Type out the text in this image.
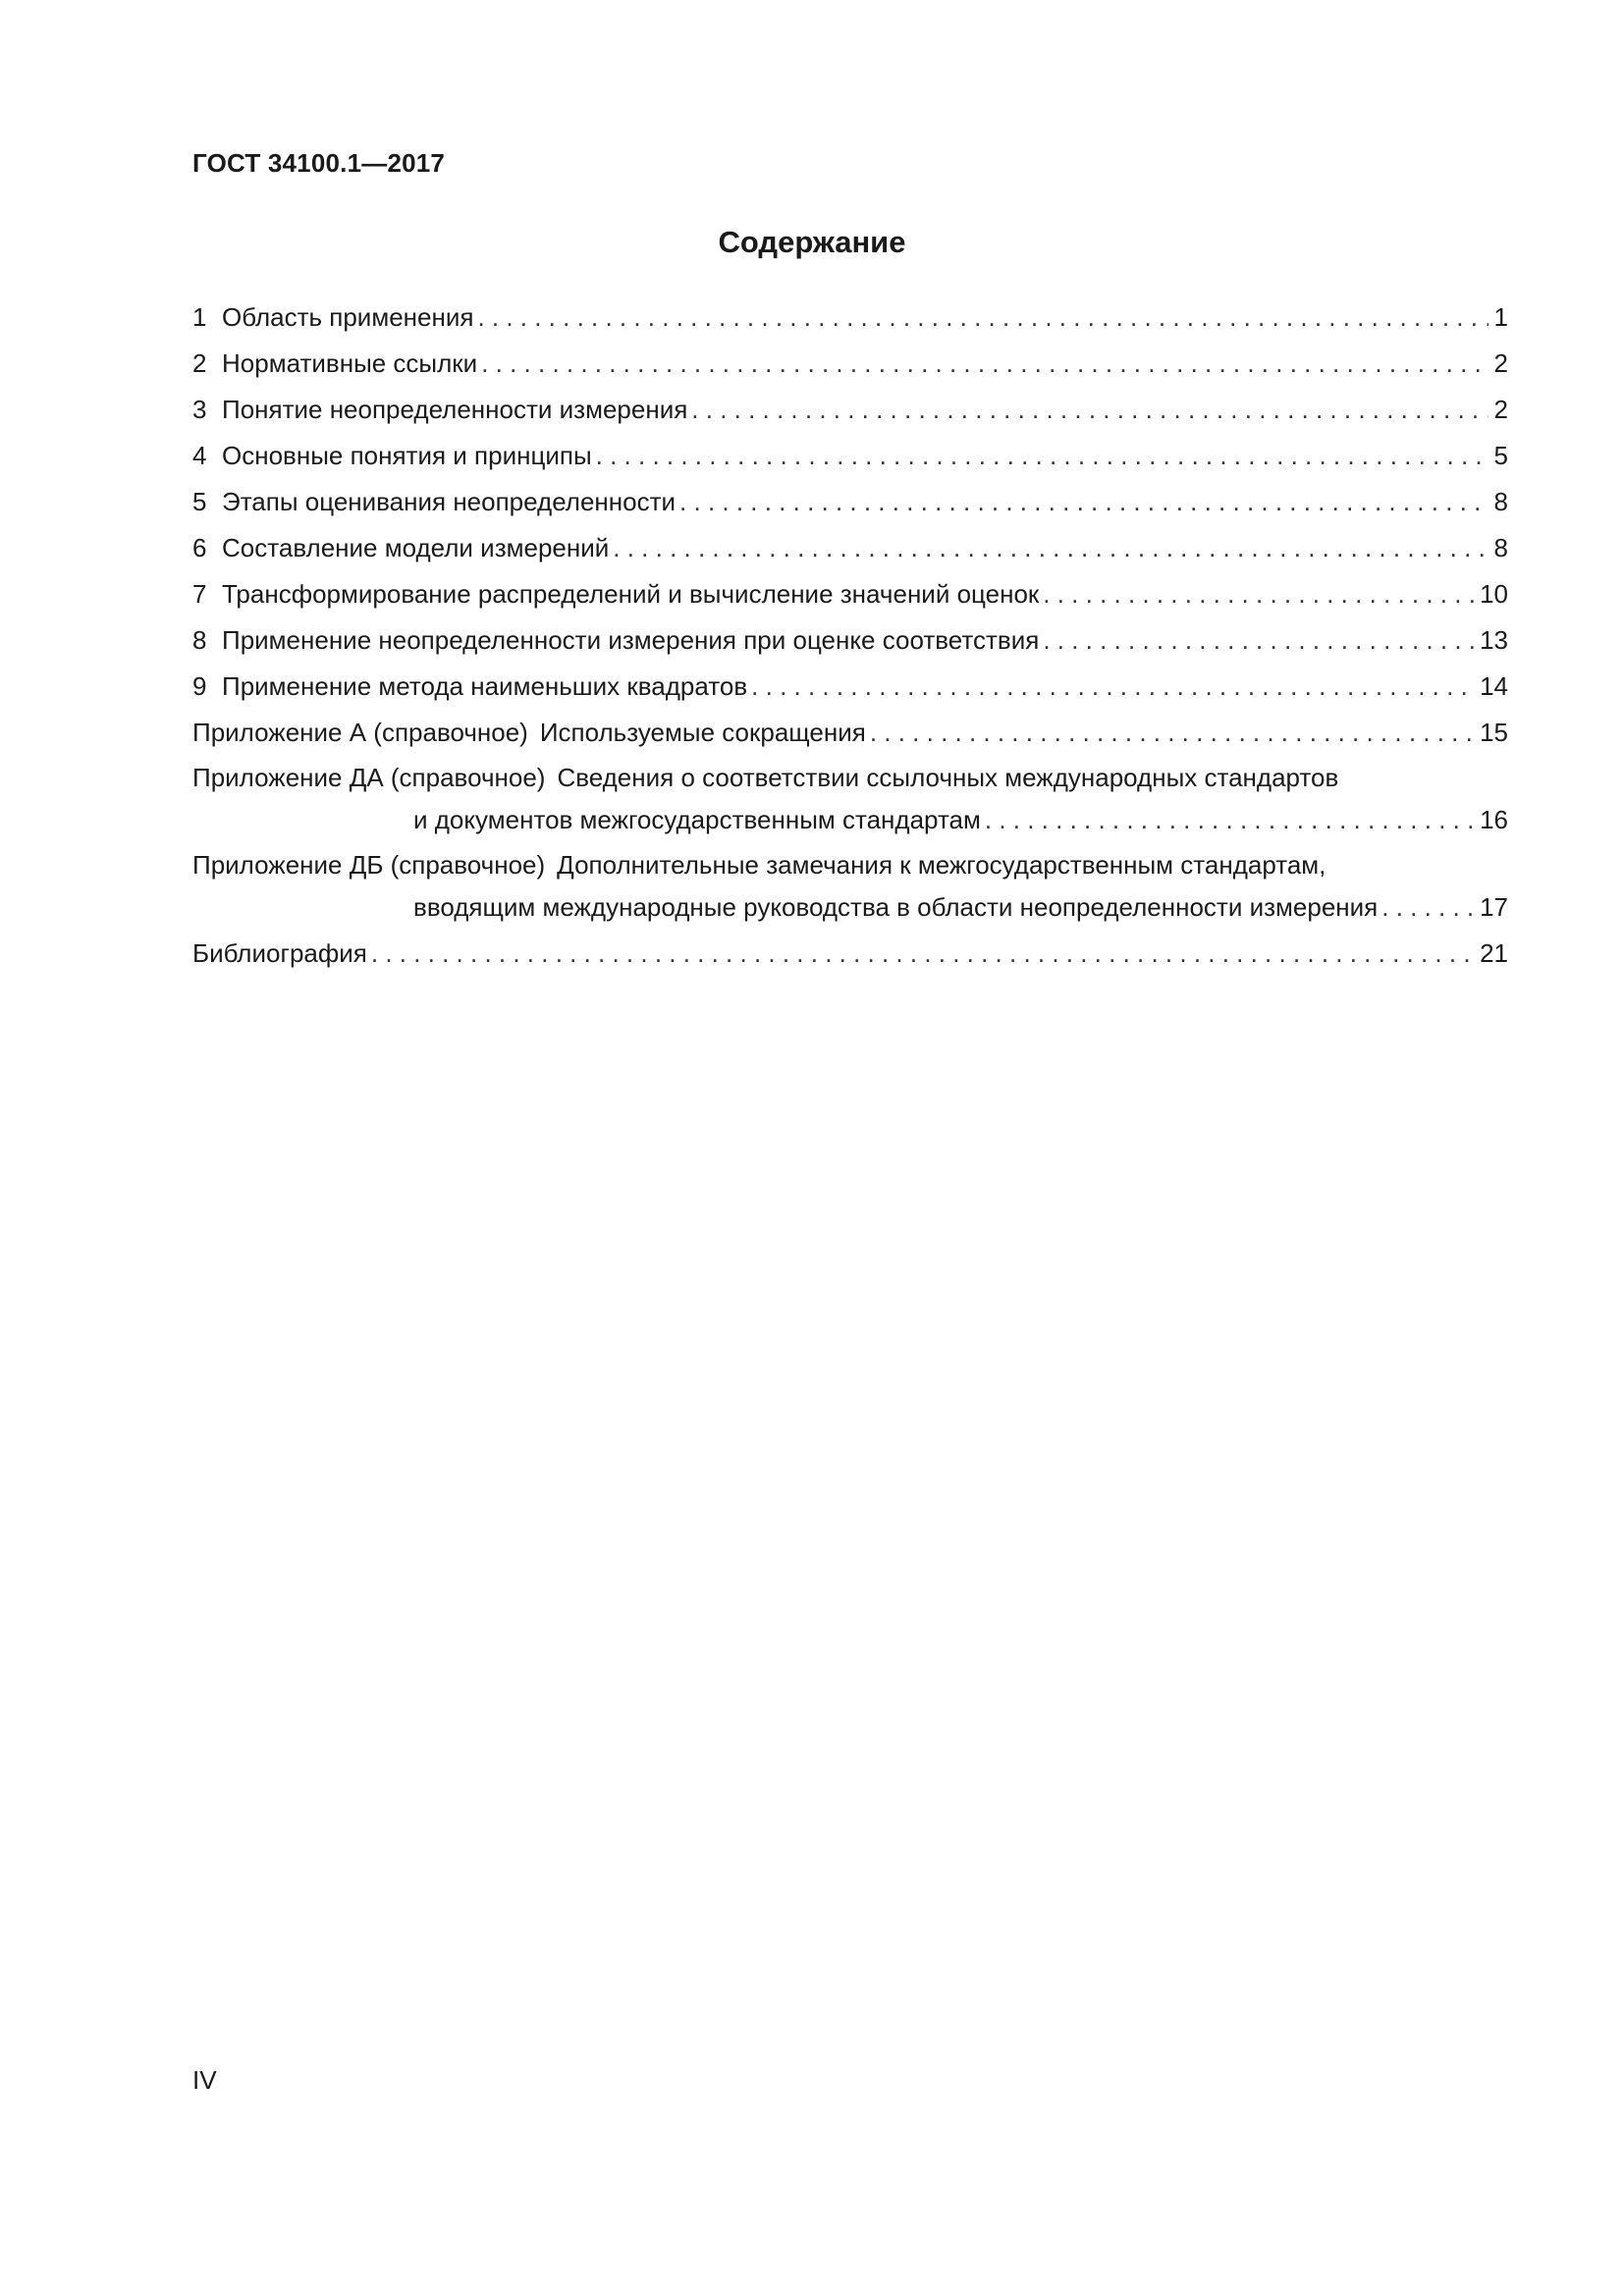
ГОСТ 34100.1—2017
Содержание
1 Область применения . . .	1
2 Нормативные ссылки . . .	2
3 Понятие неопределенности измерения . . .	2
4 Основные понятия и принципы . . .	5
5 Этапы оценивания неопределенности . . .	8
6 Составление модели измерений . . .	8
7 Трансформирование распределений и вычисление значений оценок . . .	10
8 Применение неопределенности измерения при оценке соответствия . . .	13
9 Применение метода наименьших квадратов . . .	14
Приложение А (справочное) Используемые сокращения . . .	15
Приложение ДА (справочное) Сведения о соответствии ссылочных международных стандартов
и документов межгосударственным стандартам . . .	16
Приложение ДБ (справочное) Дополнительные замечания к межгосударственным стандартам,
вводящим международные руководства в области неопределенности измерения . . .	17
Библиография . . .	21
IV
